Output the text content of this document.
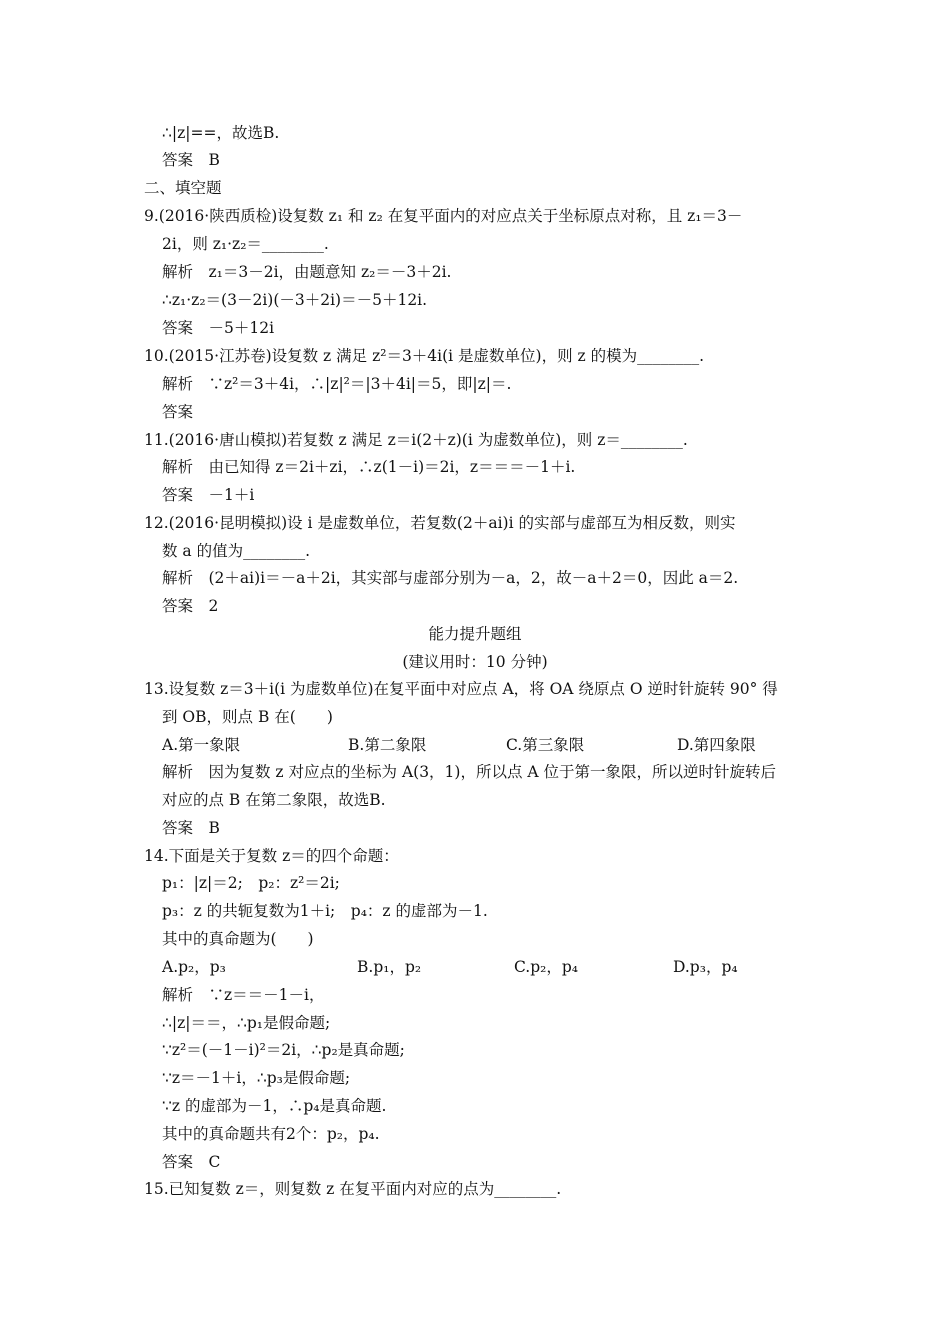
∴|z|==，故选B.
答案　B
二、填空题
9.(2016·陕西质检)设复数 z₁ 和 z₂ 在复平面内的对应点关于坐标原点对称，且 z₁＝3－
2i，则 z₁·z₂＝________.
解析　z₁＝3－2i，由题意知 z₂＝－3＋2i.
∴z₁·z₂＝(3－2i)(－3＋2i)＝－5＋12i.
答案　－5＋12i
10.(2015·江苏卷)设复数 z 满足 z²＝3＋4i(i 是虚数单位)，则 z 的模为________.
解析　∵z²＝3＋4i，∴|z|²＝|3＋4i|＝5，即|z|＝.
答案
11.(2016·唐山模拟)若复数 z 满足 z＝i(2＋z)(i 为虚数单位)，则 z＝________.
解析　由已知得 z＝2i＋zi，∴z(1－i)＝2i，z＝＝＝－1＋i.
答案　－1＋i
12.(2016·昆明模拟)设 i 是虚数单位，若复数(2＋ai)i 的实部与虚部互为相反数，则实
数 a 的值为________.
解析　(2＋ai)i＝－a＋2i，其实部与虚部分别为－a，2，故－a＋2＝0，因此 a＝2.
答案　2
能力提升题组
(建议用时：10 分钟)
13.设复数 z＝3＋i(i 为虚数单位)在复平面中对应点 A，将 OA 绕原点 O 逆时针旋转 90° 得
到 OB，则点 B 在(　　)
A.第一象限	B.第二象限	C.第三象限	D.第四象限
解析　因为复数 z 对应点的坐标为 A(3，1)，所以点 A 位于第一象限，所以逆时针旋转后
对应的点 B 在第二象限，故选B.
答案　B
14.下面是关于复数 z＝的四个命题：
p₁：|z|＝2;　p₂：z²＝2i;
p₃：z 的共轭复数为1＋i;　p₄：z 的虚部为－1.
其中的真命题为(　　)
A.p₂，p₃	B.p₁，p₂	C.p₂，p₄	D.p₃，p₄
解析　∵z＝＝－1－i，
∴|z|＝＝，∴p₁是假命题;
∵z²＝(－1－i)²＝2i，∴p₂是真命题;
∵z＝－1＋i，∴p₃是假命题;
∵z 的虚部为－1，∴p₄是真命题.
其中的真命题共有2个：p₂，p₄.
答案　C
15.已知复数 z＝，则复数 z 在复平面内对应的点为________.
